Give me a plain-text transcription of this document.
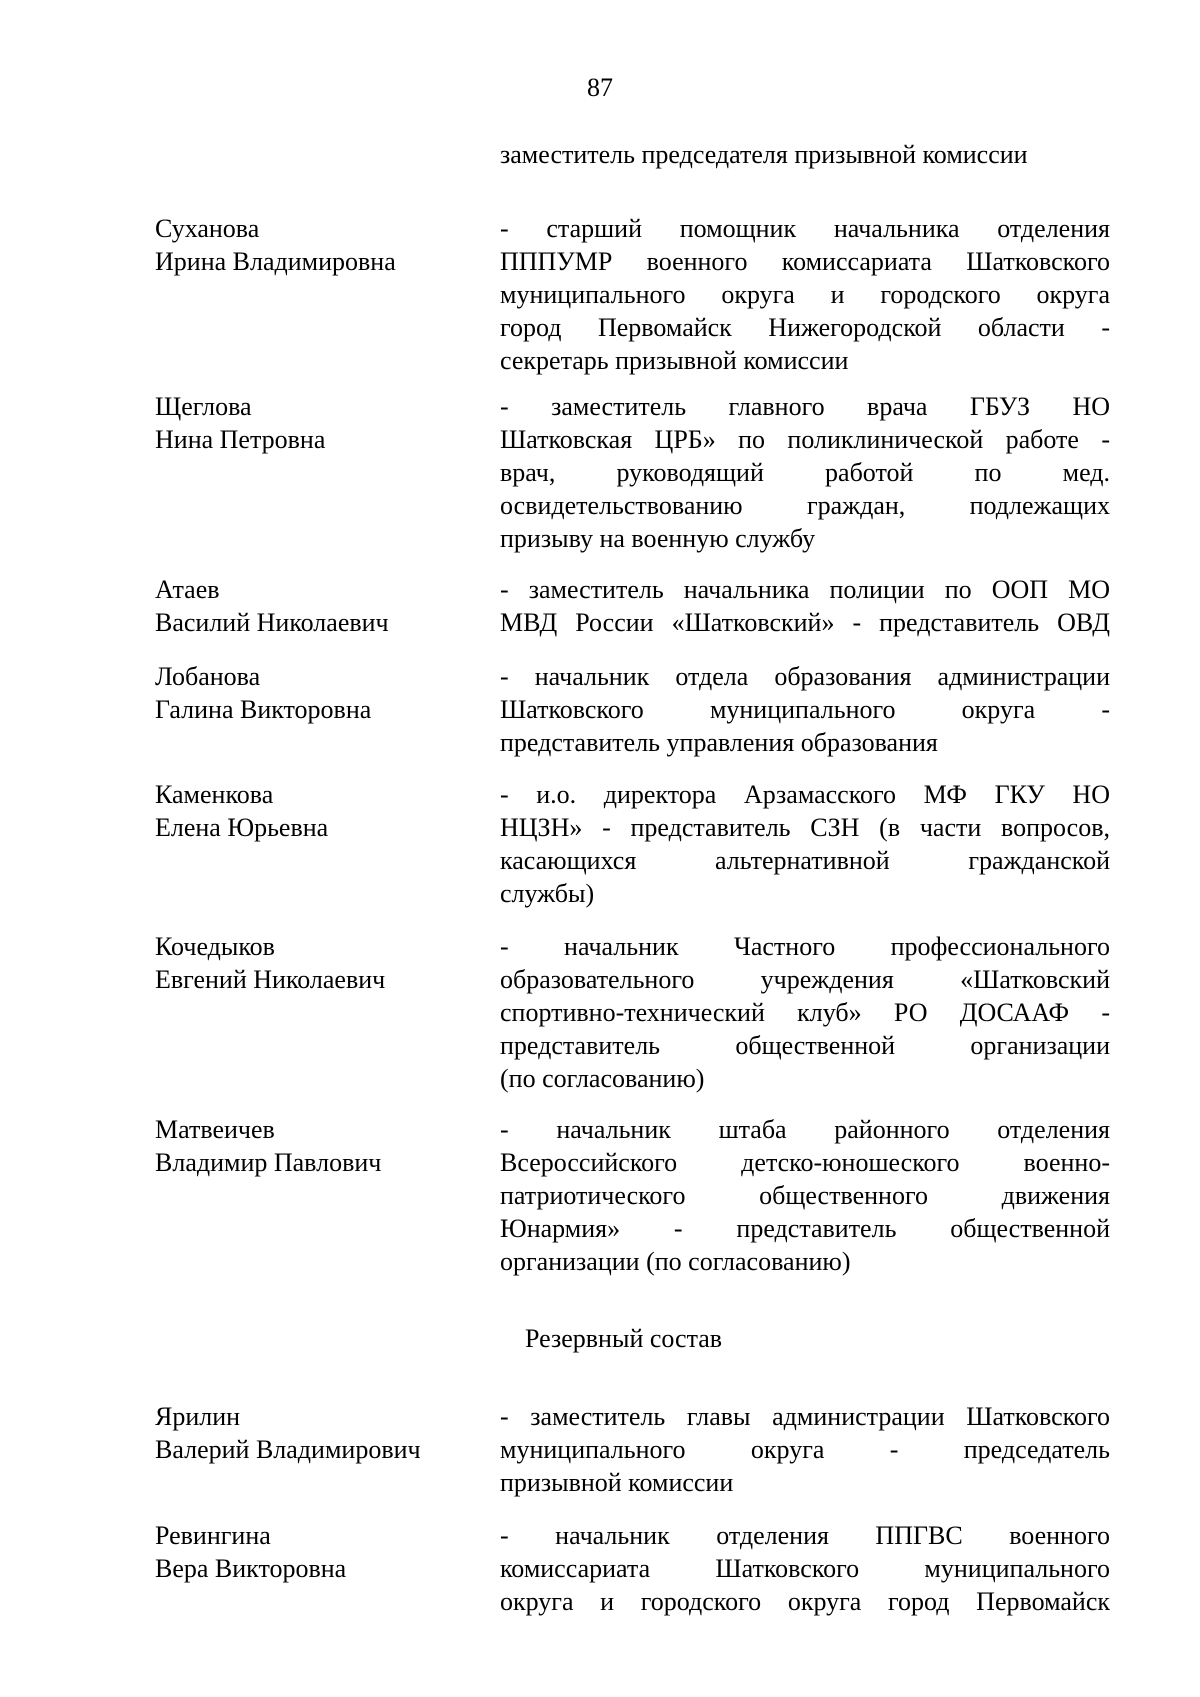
87
заместитель председателя призывной комиссии
Суханова
Ирина Владимировна
- старший помощник начальника отделения
ПППУМР военного комиссариата Шатковского
муниципального округа и городского округа
город Первомайск Нижегородской области -
секретарь призывной комиссии
Щеглова
Нина Петровна
- заместитель главного врача ГБУЗ НО
Шатковская ЦРБ» по поликлинической работе -
врач, руководящий работой по мед.
освидетельствованию граждан, подлежащих
призыву на военную службу
Атаев
Василий Николаевич
- заместитель начальника полиции по ООП МО
МВД России «Шатковский» - представитель ОВД
Лобанова
Галина Викторовна
- начальник отдела образования администрации
Шатковского муниципального округа -
представитель управления образования
Каменкова
Елена Юрьевна
- и.о. директора Арзамасского МФ ГКУ НО
НЦЗН» - представитель СЗН (в части вопросов,
касающихся альтернативной гражданской
службы)
Кочедыков
Евгений Николаевич
- начальник Частного профессионального
образовательного учреждения «Шатковский
спортивно-технический клуб» РО ДОСААФ -
представитель общественной организации
(по согласованию)
Матвеичев
Владимир Павлович
- начальник штаба районного отделения
Всероссийского детско-юношеского военно-
патриотического общественного движения
Юнармия» - представитель общественной
организации (по согласованию)
Резервный состав
Ярилин
Валерий Владимирович
- заместитель главы администрации Шатковского
муниципального округа - председатель
призывной комиссии
Ревингина
Вера Викторовна
- начальник отделения ППГВС военного
комиссариата Шатковского муниципального
округа и городского округа город Первомайск
